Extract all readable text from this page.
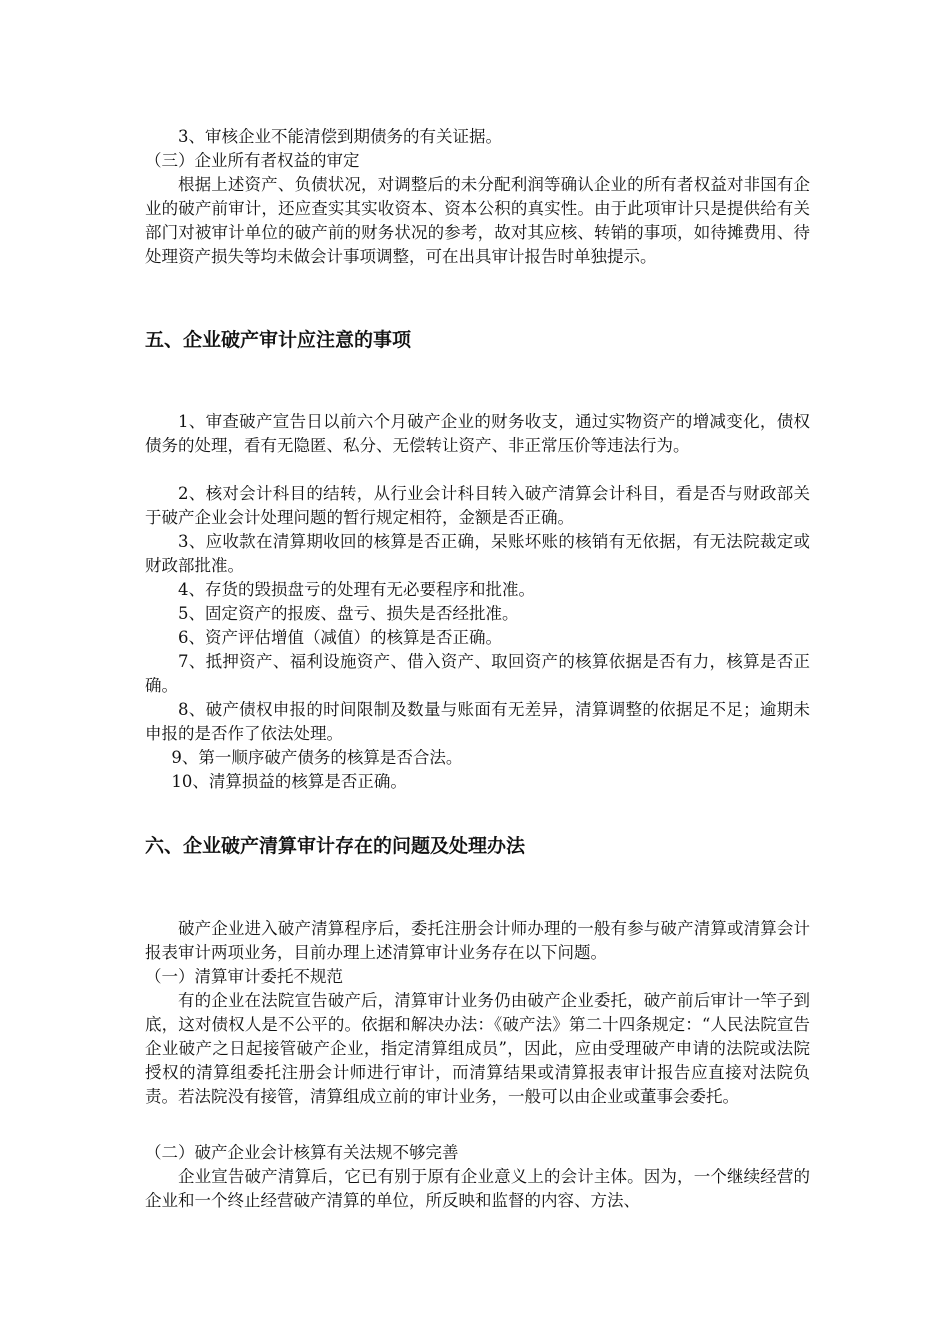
3、审核企业不能清偿到期债务的有关证据。

（三）企业所有者权益的审定

根据上述资产、负债状况，对调整后的未分配利润等确认企业的所有者权益对非国有企业的破产前审计，还应查实其实收资本、资本公积的真实性。由于此项审计只是提供给有关部门对被审计单位的破产前的财务状况的参考，故对其应核、转销的事项，如待摊费用、待处理资产损失等均未做会计事项调整，可在出具审计报告时单独提示。

五、企业破产审计应注意的事项

1、审查破产宣告日以前六个月破产企业的财务收支，通过实物资产的增减变化，债权债务的处理，看有无隐匿、私分、无偿转让资产、非正常压价等违法行为。

2、核对会计科目的结转，从行业会计科目转入破产清算会计科目，看是否与财政部关于破产企业会计处理问题的暂行规定相符，金额是否正确。

3、应收款在清算期收回的核算是否正确，呆账坏账的核销有无依据，有无法院裁定或财政部批准。

4、存货的毁损盘亏的处理有无必要程序和批准。

5、固定资产的报废、盘亏、损失是否经批准。

6、资产评估增值（减值）的核算是否正确。

7、抵押资产、福利设施资产、借入资产、取回资产的核算依据是否有力，核算是否正确。

8、破产债权申报的时间限制及数量与账面有无差异，清算调整的依据足不足；逾期未申报的是否作了依法处理。

9、第一顺序破产债务的核算是否合法。

10、清算损益的核算是否正确。

六、企业破产清算审计存在的问题及处理办法

破产企业进入破产清算程序后，委托注册会计师办理的一般有参与破产清算或清算会计报表审计两项业务，目前办理上述清算审计业务存在以下问题。

（一）清算审计委托不规范

有的企业在法院宣告破产后，清算审计业务仍由破产企业委托，破产前后审计一竿子到底，这对债权人是不公平的。依据和解决办法：《破产法》第二十四条规定：“人民法院宣告企业破产之日起接管破产企业，指定清算组成员”，因此，应由受理破产申请的法院或法院授权的清算组委托注册会计师进行审计，而清算结果或清算报表审计报告应直接对法院负责。若法院没有接管，清算组成立前的审计业务，一般可以由企业或董事会委托。

（二）破产企业会计核算有关法规不够完善

企业宣告破产清算后，它已有别于原有企业意义上的会计主体。因为，一个继续经营的企业和一个终止经营破产清算的单位，所反映和监督的内容、方法、
